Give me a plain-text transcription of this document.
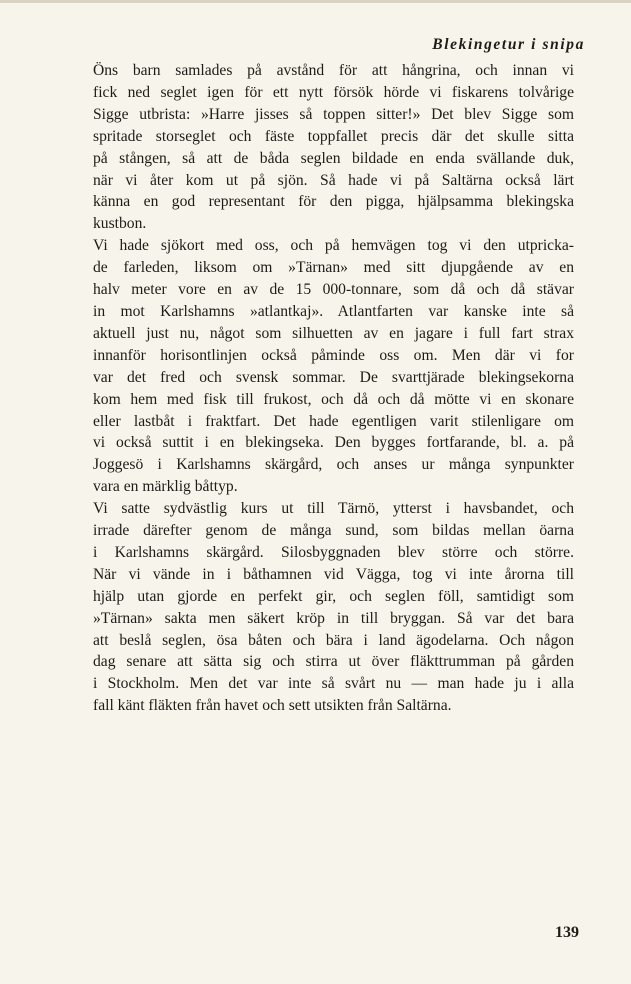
Blekingetur i snipa

Öns barn samlades på avstånd för att hångrina, och innan vi
fick ned seglet igen för ett nytt försök hörde vi fiskarens tolvårige
Sigge utbrista: »Harre jisses så toppen sitter!» Det blev Sigge som
spritade storseglet och fäste toppfallet precis där det skulle sitta
på stången, så att de båda seglen bildade en enda svällande duk,
när vi åter kom ut på sjön. Så hade vi på Saltärna också lärt
känna en god representant för den pigga, hjälpsamma blekingska
kustbon.

Vi hade sjökort med oss, och på hemvägen tog vi den utpricka-
de farleden, liksom om »Tärnan» med sitt djupgående av en
halv meter vore en av de 15 000-tonnare, som då och då stävar
in mot Karlshamns »atlantkaj». Atlantfarten var kanske inte så
aktuell just nu, något som silhuetten av en jagare i full fart strax
innanför horisontlinjen också påminde oss om. Men där vi for
var det fred och svensk sommar. De svarttjärade blekingsekorna
kom hem med fisk till frukost, och då och då mötte vi en skonare
eller lastbåt i fraktfart. Det hade egentligen varit stilenligare om
vi också suttit i en blekingseka. Den bygges fortfarande, bl. a. på
Joggesö i Karlshamns skärgård, och anses ur många synpunkter
vara en märklig båttyp.

Vi satte sydvästlig kurs ut till Tärnö, ytterst i havsbandet, och
irrade därefter genom de många sund, som bildas mellan öarna
i Karlshamns skärgård. Silosbyggnaden blev större och större.
När vi vände in i båthamnen vid Vägga, tog vi inte årorna till
hjälp utan gjorde en perfekt gir, och seglen föll, samtidigt som
»Tärnan» sakta men säkert kröp in till bryggan. Så var det bara
att beslå seglen, ösa båten och bära i land ägodelarna. Och någon
dag senare att sätta sig och stirra ut över fläkttrumman på gården
i Stockholm. Men det var inte så svårt nu — man hade ju i alla
fall känt fläkten från havet och sett utsikten från Saltärna.

139
